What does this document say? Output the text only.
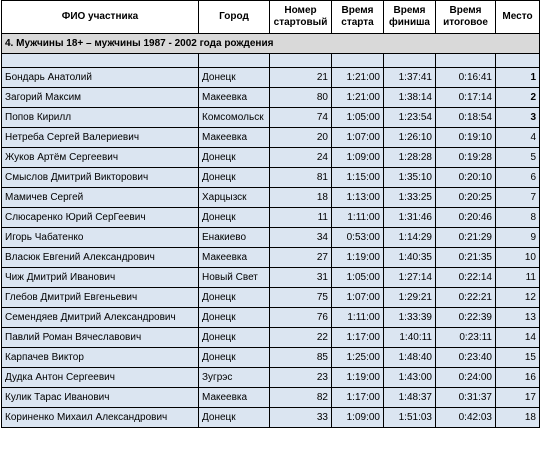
ФИО участника	Город	Номер стартовый	Время старта	Время финиша	Время итоговое	Место
4. Мужчины 18+ – мужчины 1987 - 2002 года рождения						

Бондарь Анатолий	Донецк	21	1:21:00	1:37:41	0:16:41	1
Загорий Максим	Макеевка	80	1:21:00	1:38:14	0:17:14	2
Попов Кирилл	Комсомольск	74	1:05:00	1:23:54	0:18:54	3
Нетреба Сергей Валериевич	Макеевка	20	1:07:00	1:26:10	0:19:10	4
Жуков Артём Сергеевич	Донецк	24	1:09:00	1:28:28	0:19:28	5
Смыслов Дмитрий Викторович	Донецк	81	1:15:00	1:35:10	0:20:10	6
Мамичев Сергей	Харцызск	18	1:13:00	1:33:25	0:20:25	7
Слюсаренко Юрий СерГеевич	Донецк	11	1:11:00	1:31:46	0:20:46	8
Игорь Чабатенко	Енакиево	34	0:53:00	1:14:29	0:21:29	9
Власюк Евгений Александрович	Макеевка	27	1:19:00	1:40:35	0:21:35	10
Чиж Дмитрий Иванович	Новый Свет	31	1:05:00	1:27:14	0:22:14	11
Глебов Дмитрий Евгеньевич	Донецк	75	1:07:00	1:29:21	0:22:21	12
Семендяев Дмитрий Александрович	Донецк	76	1:11:00	1:33:39	0:22:39	13
Павлий Роман Вячеславович	Донецк	22	1:17:00	1:40:11	0:23:11	14
Карпачев Виктор	Донецк	85	1:25:00	1:48:40	0:23:40	15
Дудка Антон Сергеевич	Зугрэс	23	1:19:00	1:43:00	0:24:00	16
Кулик Тарас Иванович	Макеевка	82	1:17:00	1:48:37	0:31:37	17
Кориненко Михаил Александрович	Донецк	33	1:09:00	1:51:03	0:42:03	18
